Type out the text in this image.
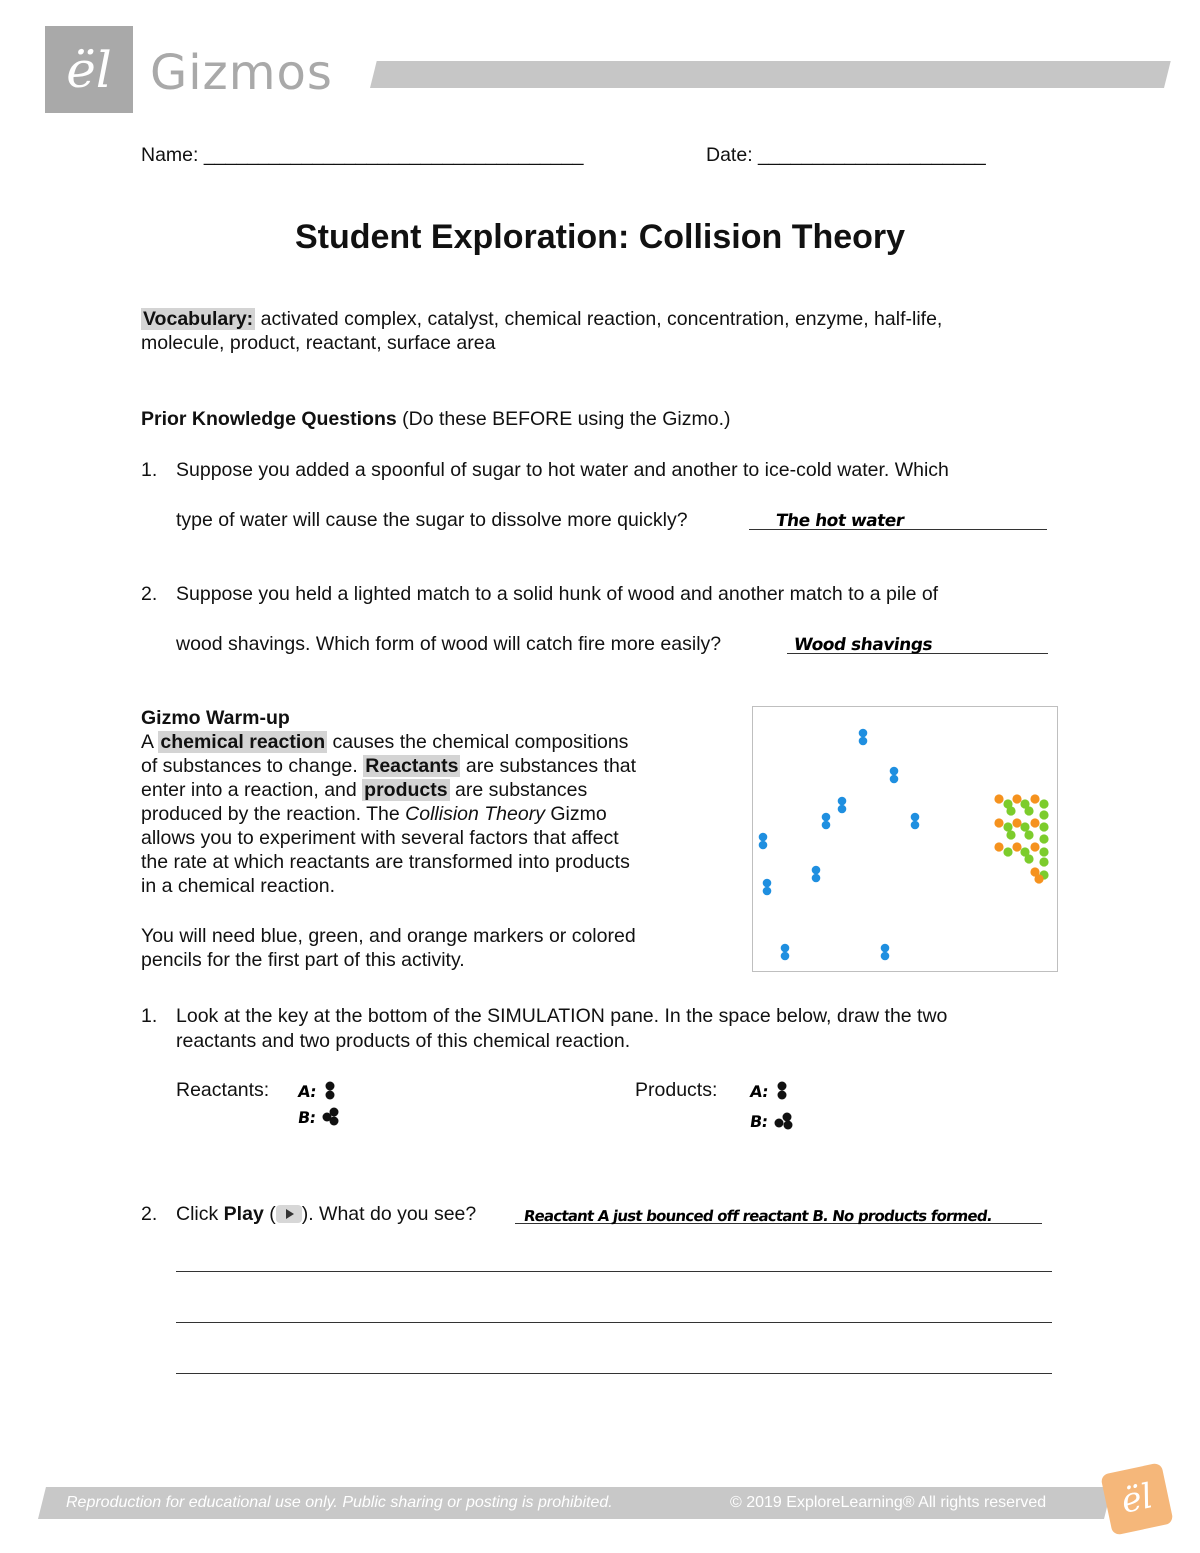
ël Gizmos
Name: ___________________________________	Date: _____________________
Student Exploration: Collision Theory
Vocabulary: activated complex, catalyst, chemical reaction, concentration, enzyme, half-life,
molecule, product, reactant, surface area
Prior Knowledge Questions (Do these BEFORE using the Gizmo.)
1. Suppose you added a spoonful of sugar to hot water and another to ice-cold water. Which
type of water will cause the sugar to dissolve more quickly?	The hot water
2. Suppose you held a lighted match to a solid hunk of wood and another match to a pile of
wood shavings. Which form of wood will catch fire more easily?	Wood shavings
Gizmo Warm-up
A chemical reaction causes the chemical compositions
of substances to change. Reactants are substances that
enter into a reaction, and products are substances
produced by the reaction. The Collision Theory Gizmo
allows you to experiment with several factors that affect
the rate at which reactants are transformed into products
in a chemical reaction.
You will need blue, green, and orange markers or colored
pencils for the first part of this activity.
1. Look at the key at the bottom of the SIMULATION pane. In the space below, draw the two
reactants and two products of this chemical reaction.
Reactants: A:
B:
Products: A:
B:
2. Click Play ( ). What do you see?	Reactant A just bounced off reactant B. No products formed.
Reproduction for educational use only. Public sharing or posting is prohibited.	© 2019 ExploreLearning® All rights reserved	ël
